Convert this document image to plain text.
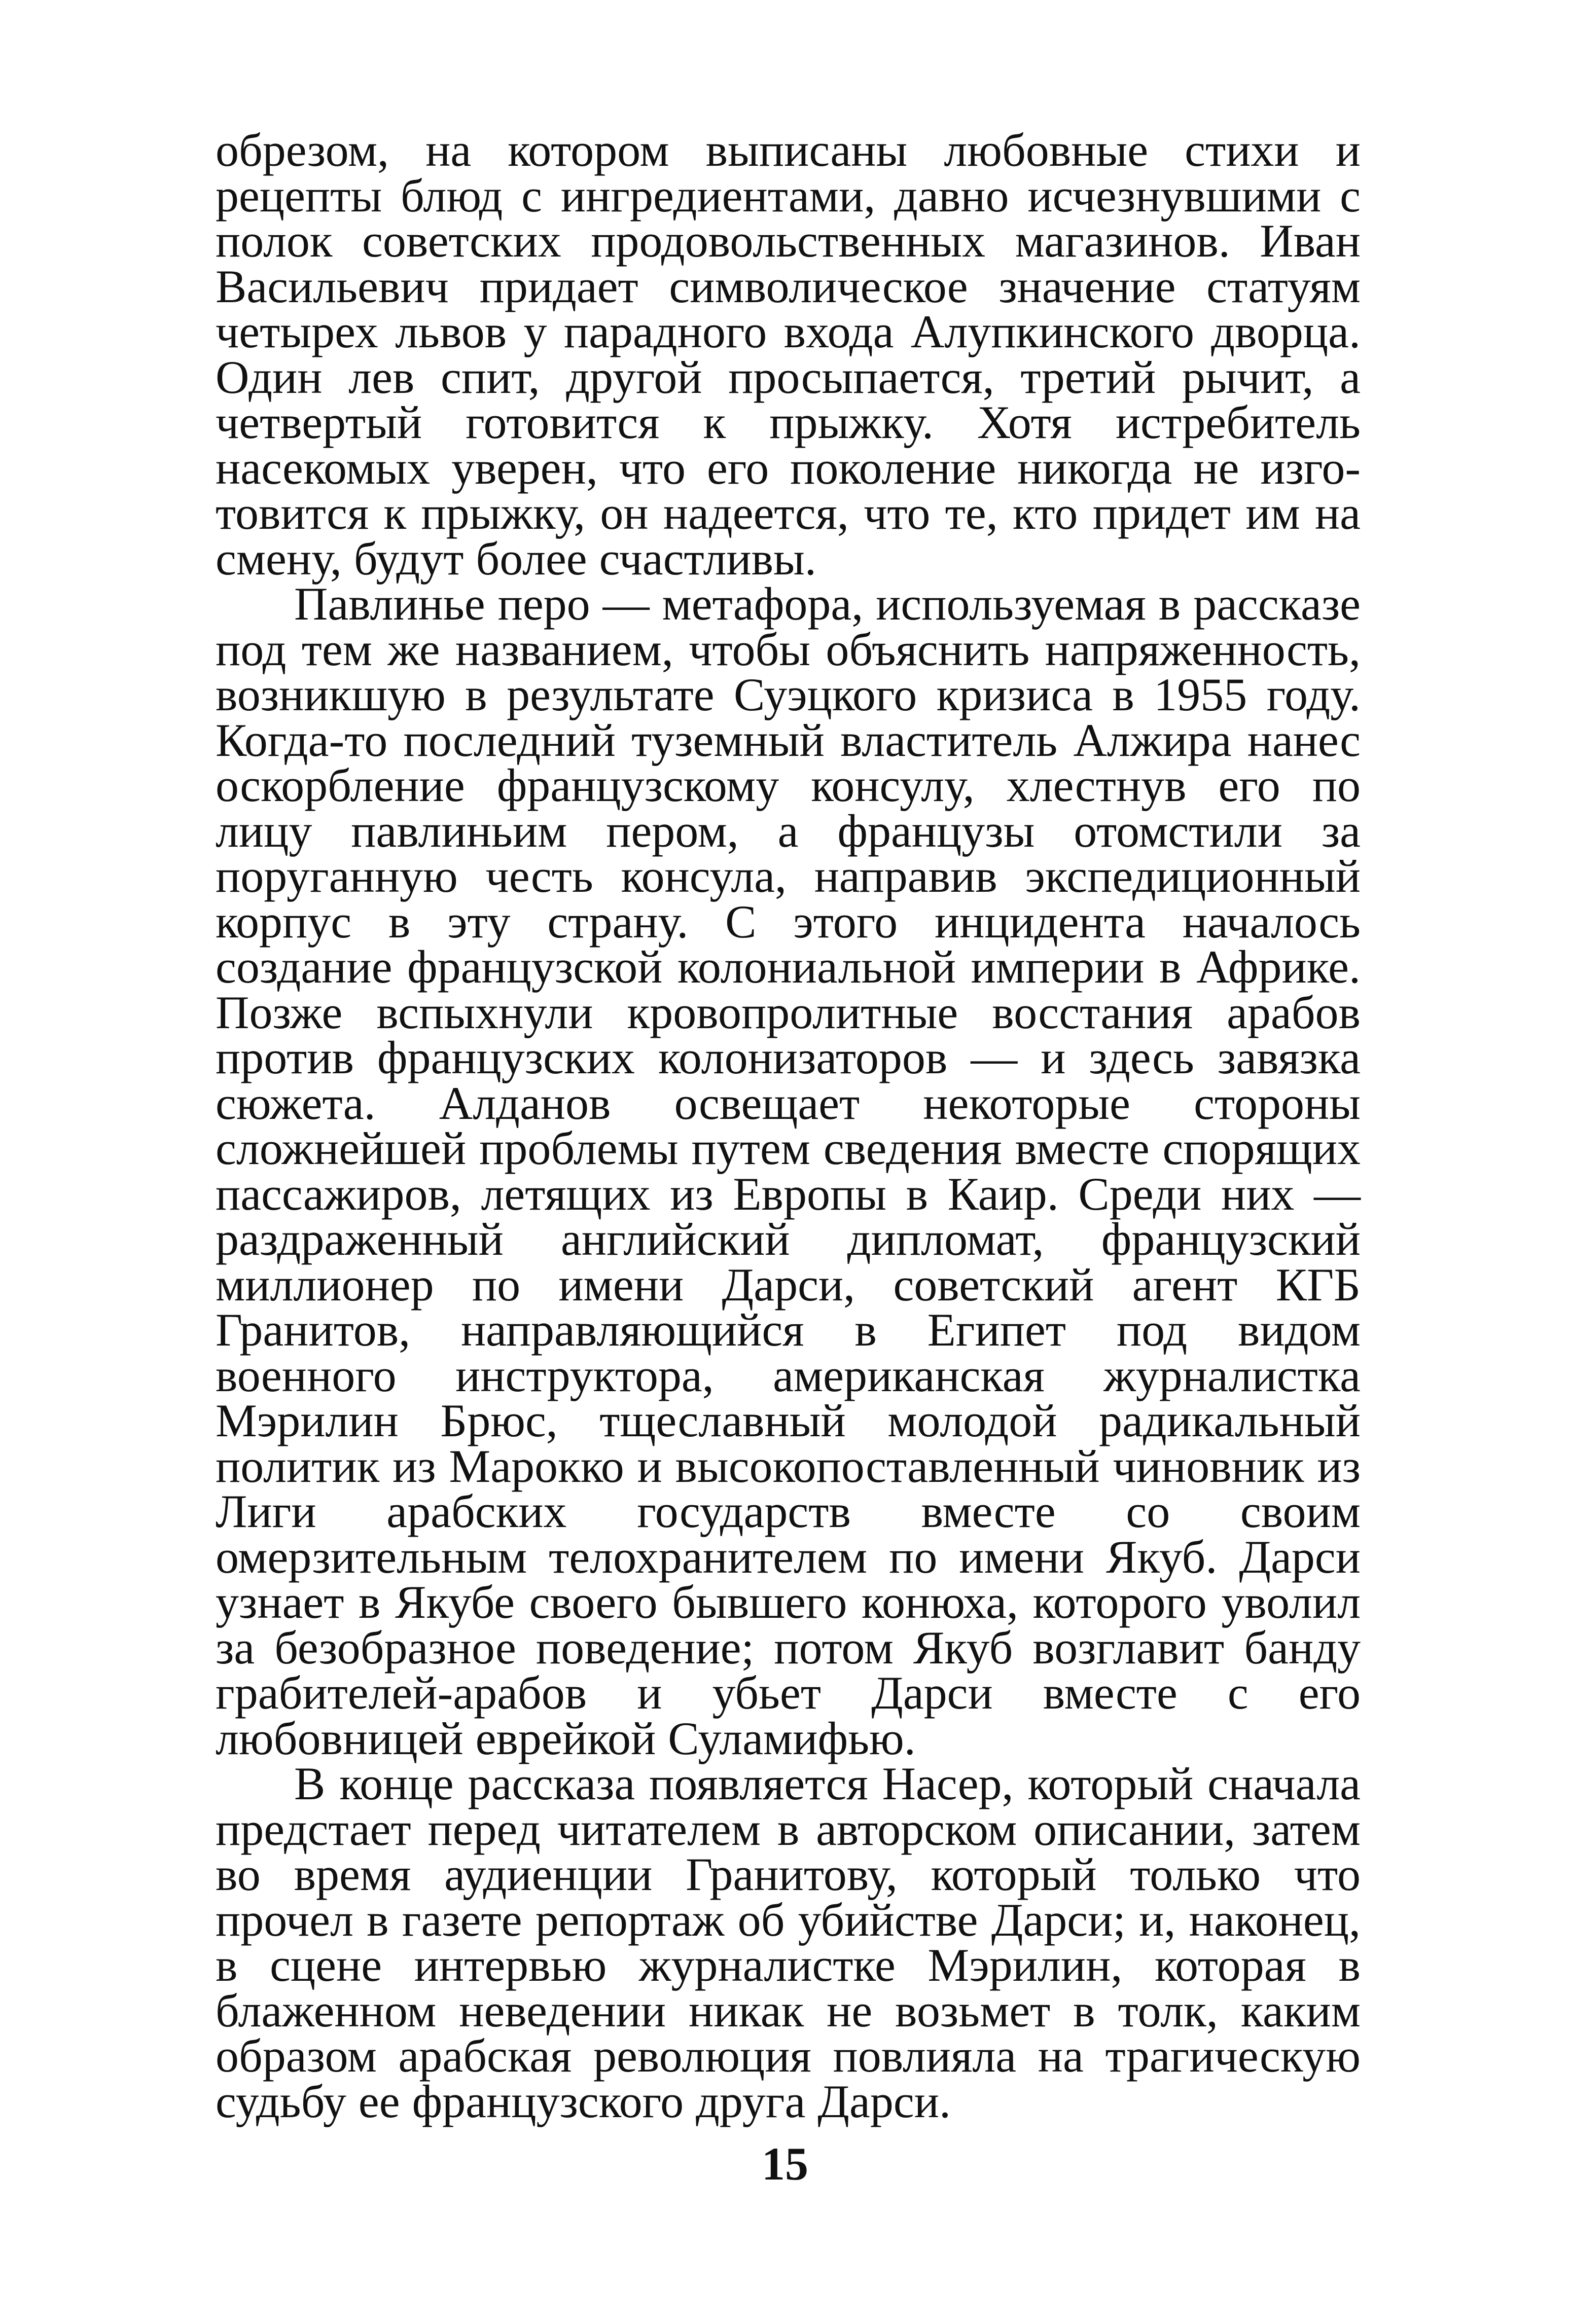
обрезом, на котором выписаны любовные стихи и рецепты блюд с ингредиентами, давно исчезнувшими с полок советских продовольственных магазинов. Иван Васильевич придает символическое значение статуям четырех львов у парадного входа Алупкинского дворца. Один лев спит, другой просыпается, третий рычит, а четвертый готовится к прыжку. Хотя истребитель насекомых уверен, что его поколение никогда не изготовится к прыжку, он надеется, что те, кто придет им на смену, будут более счастливы.

Павлинье перо — метафора, используемая в рассказе под тем же названием, чтобы объяснить напряженность, возникшую в результате Суэцкого кризиса в 1955 году. Когда-то последний туземный властитель Алжира нанес оскорбление французскому консулу, хлестнув его по лицу павлиньим пером, а французы отомстили за поруганную честь консула, направив экспедиционный корпус в эту страну. С этого инцидента началось создание французской колониальной империи в Африке. Позже вспыхнули кровопролитные восстания арабов против французских колонизаторов — и здесь завязка сюжета. Алданов освещает некоторые стороны сложнейшей проблемы путем сведения вместе спорящих пассажиров, летящих из Европы в Каир. Среди них — раздраженный английский дипломат, французский миллионер по имени Дарси, советский агент КГБ Гранитов, направляющийся в Египет под видом военного инструктора, американская журналистка Мэрилин Брюс, тщеславный молодой радикальный политик из Марокко и высокопоставленный чиновник из Лиги арабских государств вместе со своим омерзительным телохранителем по имени Якуб. Дарси узнает в Якубе своего бывшего конюха, которого уволил за безобразное поведение; потом Якуб возглавит банду грабителей-арабов и убьет Дарси вместе с его любовницей еврейкой Суламифью.

В конце рассказа появляется Насер, который сначала предстает перед читателем в авторском описании, затем во время аудиенции Гранитову, который только что прочел в газете репортаж об убийстве Дарси; и, наконец, в сцене интервью журналистке Мэрилин, которая в блаженном неведении никак не возьмет в толк, каким образом арабская революция повлияла на трагическую судьбу ее французского друга Дарси.

15
